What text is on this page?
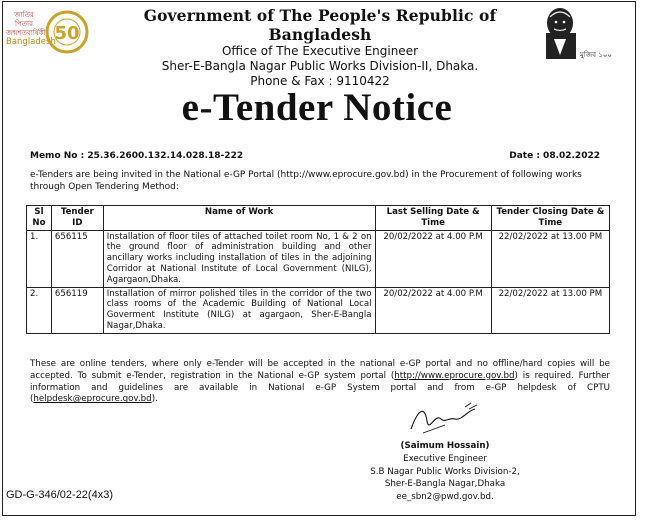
জাতির পিতার জন্মশতবার্ষিকী
Bangladesh
50
Government of The People's Republic of Bangladesh
Office of The Executive Engineer
Sher-E-Bangla Nagar Public Works Division-II, Dhaka.
Phone & Fax : 9110422
মুজিব ১০০
e-Tender Notice
Memo No : 25.36.2600.132.14.028.18-222	Date : 08.02.2022
e-Tenders are being invited in the National e-GP Portal (http://www.eprocure.gov.bd) in the Procurement of following works through Open Tendering Method:
Sl No	Tender ID	Name of Work	Last Selling Date & Time	Tender Closing Date & Time
1.	656115	Installation of floor tiles of attached toilet room No, 1 & 2 on the ground floor of administration building and other ancillary works including installation of tiles in the adjoining Corridor at National Institute of Local Government (NILG), Agargaon,Dhaka.	20/02/2022 at 4.00 P.M	22/02/2022 at 13.00 PM
2.	656119	Installation of mirror polished tiles in the corridor of the two class rooms of the Academic Building of National Local Goverment Institute (NILG) at agargaon, Sher-E-Bangla Nagar,Dhaka.	20/02/2022 at 4.00 P.M	22/02/2022 at 13.00 PM
These are online tenders, where only e-Tender will be accepted in the national e-GP portal and no offline/hard copies will be accepted. To submit e-Tender, registration in the National e-GP system portal (http://www.eprocure.gov.bd) is required. Further information and guidelines are available in National e-GP System portal and from e-GP helpdesk of CPTU (helpdesk@eprocure.gov.bd).
(Saimum Hossain)
Executive Engineer
S.B Nagar Public Works Division-2,
Sher-E-Bangla Nagar,Dhaka
ee_sbn2@pwd.gov.bd.
GD-G-346/02-22(4x3)
